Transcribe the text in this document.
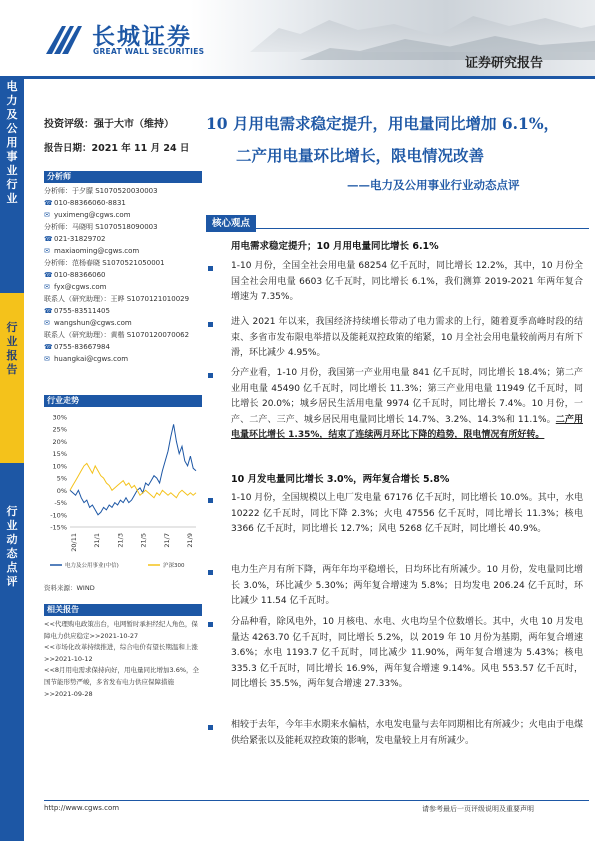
长城证券
GREAT WALL SECURITIES
证券研究报告
电
力
及
公
用
事
业
行
业
行
业
报
告
行
业
动
态
点
评
投资评级：强于大市（维持）
报告日期：2021 年 11 月 24 日
分析师
分析师：于夕朦 S1070520030003
☎010-88366060-8831
✉ yuximeng@cgws.com
分析师：马晓明 S1070518090003
☎021-31829702
✉ maxiaoming@cgws.com
分析师：范杨春晓 S1070521050001
☎010-88366060
✉ fyx@cgws.com
联系人（研究助理）：王晔 S1070121010029
☎0755-83511405
✉ wangshun@cgws.com
联系人（研究助理）：黄楷 S1070120070062
☎0755-83667984
✉ huangkai@cgws.com
行业走势
30%
25%
20%
15%
10%
5%
0%
-5%
-10%
-15%
20/11 21/1 21/3 21/5 21/7 21/9
电力及公用事业(中信)	沪深300
资料来源：WIND
相关报告
<<代理购电政策出台，电网暂时承担经纪人角色，保障电力供应稳定>>2021-10-27
<<市场化改革持续推进，综合电价有望长期温和上涨>>2021-10-12
<<8月用电需求保持向好，用电量同比增加3.6%，全国节能形势严峻，多省发布电力供应保障措施>>2021-09-28
10 月用电需求稳定提升，用电量同比增加 6.1%，
二产用电量环比增长，限电情况改善
——电力及公用事业行业动态点评
核心观点
用电需求稳定提升；10 月用电量同比增长 6.1%
1-10 月份，全国全社会用电量 68254 亿千瓦时，同比增长 12.2%，其中，10 月份全国全社会用电量 6603 亿千瓦时，同比增长 6.1%，我们测算 2019-2021 年两年复合增速为 7.35%。
进入 2021 年以来，我国经济持续增长带动了电力需求的上行，随着夏季高峰时段的结束、多省市发布限电举措以及能耗双控政策的缩紧，10 月全社会用电量较前两月有所下滑，环比减少 4.95%。
分产业看，1-10 月份，我国第一产业用电量 841 亿千瓦时，同比增长 18.4%；第二产业用电量 45490 亿千瓦时，同比增长 11.3%；第三产业用电量 11949 亿千瓦时，同比增长 20.0%；城乡居民生活用电量 9974 亿千瓦时，同比增长 7.4%。10 月份，一产、二产、三产、城乡居民用电量同比增长 14.7%、3.2%、14.3%和 11.1%。二产用电量环比增长 1.35%，结束了连续两月环比下降的趋势，限电情况有所好转。
10 月发电量同比增长 3.0%，两年复合增长 5.8%
1-10 月份，全国规模以上电厂发电量 67176 亿千瓦时，同比增长 10.0%。其中，水电 10222 亿千瓦时，同比下降 2.3%；火电 47556 亿千瓦时，同比增长 11.3%；核电 3366 亿千瓦时，同比增长 12.7%；风电 5268 亿千瓦时，同比增长 40.9%。
电力生产月有所下降，两年年均平稳增长，日均环比有所减少。10 月份，发电量同比增长 3.0%，环比减少 5.30%；两年复合增速为 5.8%；日均发电 206.24 亿千瓦时，环比减少 11.54 亿千瓦时。
分品种看，除风电外，10 月核电、水电、火电均呈个位数增长。其中，火电 10 月发电量达 4263.70 亿千瓦时，同比增长 5.2%，以 2019 年 10 月份为基期，两年复合增速 3.6%；水电 1193.7 亿千瓦时，同比减少 11.90%，两年复合增速为 5.43%；核电 335.3 亿千瓦时，同比增长 16.9%，两年复合增速 9.14%。风电 553.57 亿千瓦时，同比增长 35.5%，两年复合增速 27.33%。
相较于去年，今年丰水期来水偏枯，水电发电量与去年同期相比有所减少；火电由于电煤供给紧张以及能耗双控政策的影响，发电量较上月有所减少。
http://www.cgws.com	请参考最后一页评级说明及重要声明
